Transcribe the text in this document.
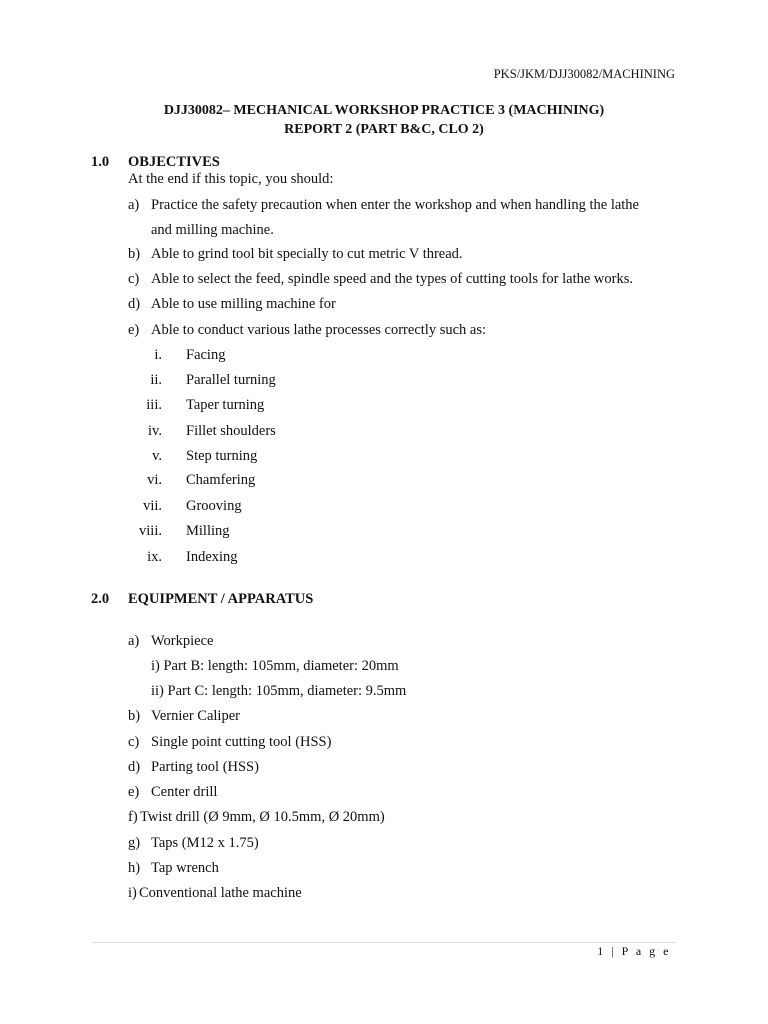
PKS/JKM/DJJ30082/MACHINING
DJJ30082– MECHANICAL WORKSHOP PRACTICE 3 (MACHINING)
REPORT 2 (PART B&C, CLO 2)
1.0 OBJECTIVES
At the end if this topic, you should:
a) Practice the safety precaution when enter the workshop and when handling the lathe
and milling machine.
b) Able to grind tool bit specially to cut metric V thread.
c) Able to select the feed, spindle speed and the types of cutting tools for lathe works.
d) Able to use milling machine for
e) Able to conduct various lathe processes correctly such as:
i. Facing
ii. Parallel turning
iii. Taper turning
iv. Fillet shoulders
v. Step turning
vi. Chamfering
vii. Grooving
viii. Milling
ix. Indexing
2.0 EQUIPMENT / APPARATUS
a) Workpiece
i) Part B: length: 105mm, diameter: 20mm
ii) Part C: length: 105mm, diameter: 9.5mm
b) Vernier Caliper
c) Single point cutting tool (HSS)
d) Parting tool (HSS)
e) Center drill
f) Twist drill (Ø 9mm, Ø 10.5mm, Ø 20mm)
g) Taps (M12 x 1.75)
h) Tap wrench
i) Conventional lathe machine
1 | P a g e
